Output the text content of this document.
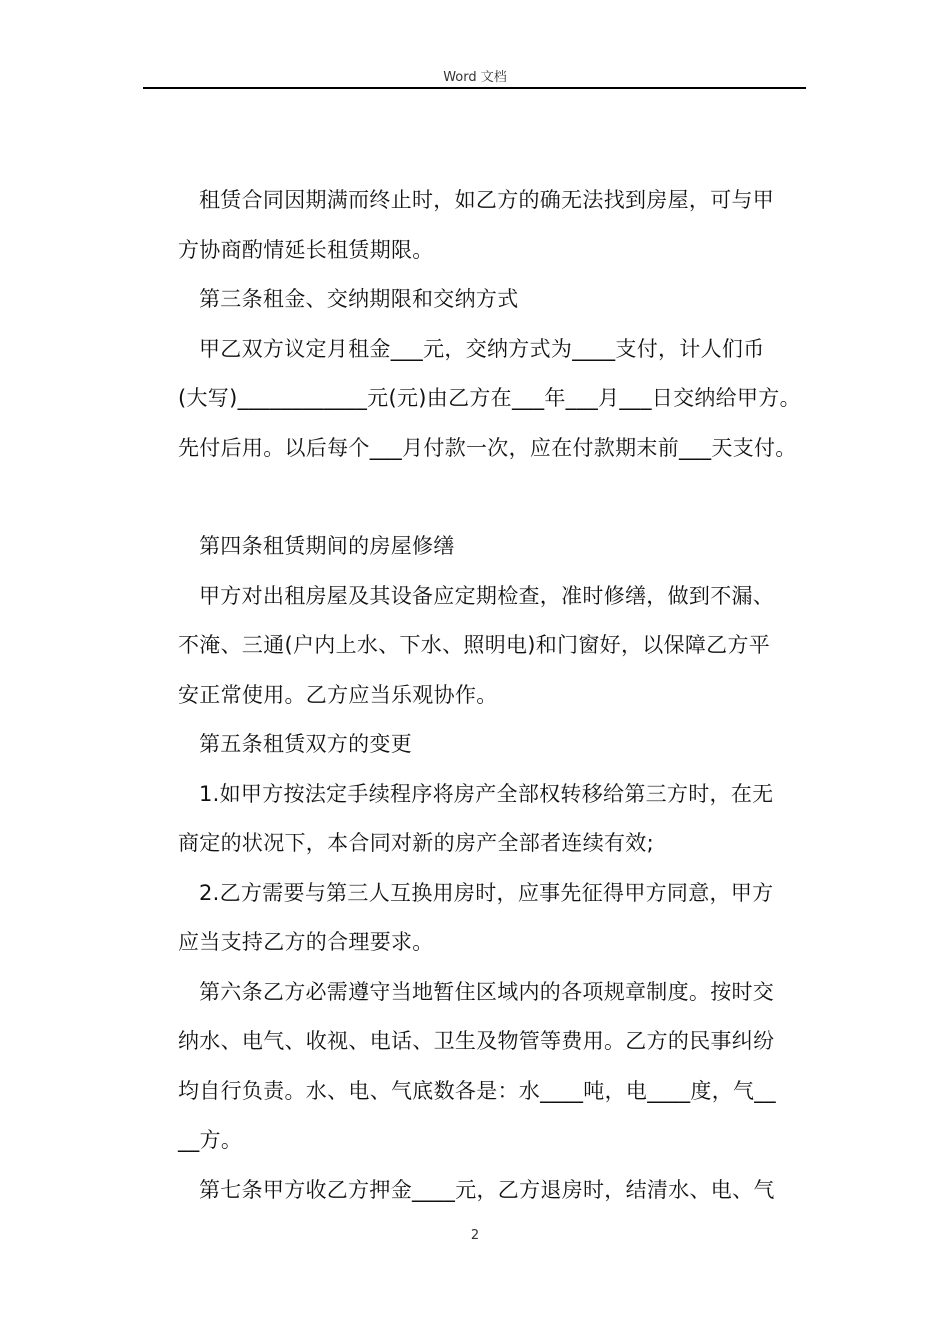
Word 文档

租赁合同因期满而终止时，如乙方的确无法找到房屋，可与甲

方协商酌情延长租赁期限。

第三条租金、交纳期限和交纳方式

甲乙双方议定月租金___元，交纳方式为____支付，计人们币

(大写)____________元(元)由乙方在___年___月___日交纳给甲方。

先付后用。以后每个___月付款一次，应在付款期末前___天支付。

第四条租赁期间的房屋修缮

甲方对出租房屋及其设备应定期检查，准时修缮，做到不漏、

不淹、三通(户内上水、下水、照明电)和门窗好，以保障乙方平

安正常使用。乙方应当乐观协作。

第五条租赁双方的变更

1.如甲方按法定手续程序将房产全部权转移给第三方时，在无

商定的状况下，本合同对新的房产全部者连续有效;

2.乙方需要与第三人互换用房时，应事先征得甲方同意，甲方

应当支持乙方的合理要求。

第六条乙方必需遵守当地暂住区域内的各项规章制度。按时交

纳水、电气、收视、电话、卫生及物管等费用。乙方的民事纠纷

均自行负责。水、电、气底数各是：水____吨，电____度，气__

__方。

第七条甲方收乙方押金____元，乙方退房时，结清水、电、气

2
